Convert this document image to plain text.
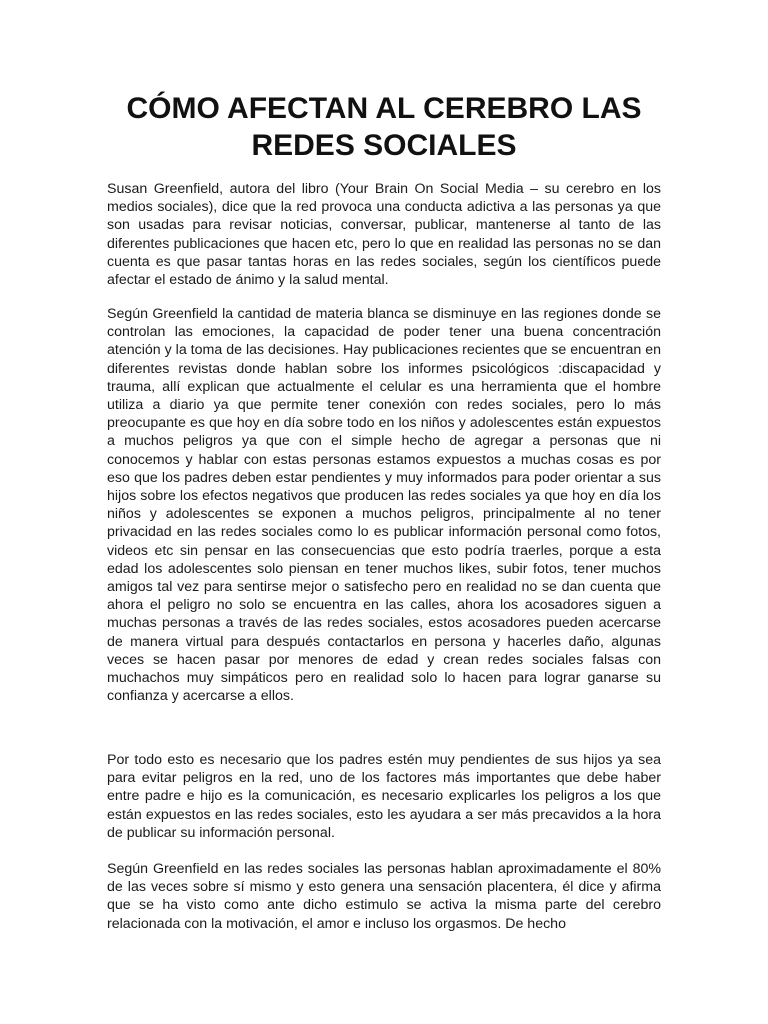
CÓMO AFECTAN AL CEREBRO LAS REDES SOCIALES

Susan Greenfield, autora del libro (Your Brain On Social Media – su cerebro en los medios sociales), dice que la red provoca una conducta adictiva a las personas ya que son usadas para revisar noticias, conversar, publicar, mantenerse al tanto de las diferentes publicaciones que hacen etc, pero lo que en realidad las personas no se dan cuenta es que pasar tantas horas en las redes sociales, según los científicos puede afectar el estado de ánimo y la salud mental.

Según Greenfield la cantidad de materia blanca se disminuye en las regiones donde se controlan las emociones, la capacidad de poder tener una buena concentración atención y la toma de las decisiones. Hay publicaciones recientes que se encuentran en diferentes revistas donde hablan sobre los informes psicológicos :discapacidad y trauma, allí explican que actualmente el celular es una herramienta que el hombre utiliza a diario ya que permite tener conexión con redes sociales, pero lo más preocupante es que hoy en día sobre todo en los niños y adolescentes están expuestos a muchos peligros ya que con el simple hecho de agregar a personas que ni conocemos y hablar con estas personas estamos expuestos a muchas cosas es por eso que los padres deben estar pendientes y muy informados para poder orientar a sus hijos sobre los efectos negativos que producen las redes sociales ya que hoy en día los niños y adolescentes se exponen a muchos peligros, principalmente al no tener privacidad en las redes sociales como lo es publicar información personal como fotos, videos etc sin pensar en las consecuencias que esto podría traerles, porque a esta edad los adolescentes solo piensan en tener muchos likes, subir fotos, tener muchos amigos tal vez para sentirse mejor o satisfecho pero en realidad no se dan cuenta que ahora el peligro no solo se encuentra en las calles, ahora los acosadores siguen a muchas personas a través de las redes sociales, estos acosadores pueden acercarse de manera virtual para después contactarlos en persona y hacerles daño, algunas veces se hacen pasar por menores de edad y crean redes sociales falsas con muchachos muy simpáticos pero en realidad solo lo hacen para lograr ganarse su confianza y acercarse a ellos.

Por todo esto es necesario que los padres estén muy pendientes de sus hijos ya sea para evitar peligros en la red, uno de los factores más importantes que debe haber entre padre e hijo es la comunicación, es necesario explicarles los peligros a los que están expuestos en las redes sociales, esto les ayudara a ser más precavidos a la hora de publicar su información personal.

Según Greenfield en las redes sociales las personas hablan aproximadamente el 80% de las veces sobre sí mismo y esto genera una sensación placentera, él dice y afirma que se ha visto como ante dicho estimulo se activa la misma parte del cerebro relacionada con la motivación, el amor e incluso los orgasmos. De hecho
